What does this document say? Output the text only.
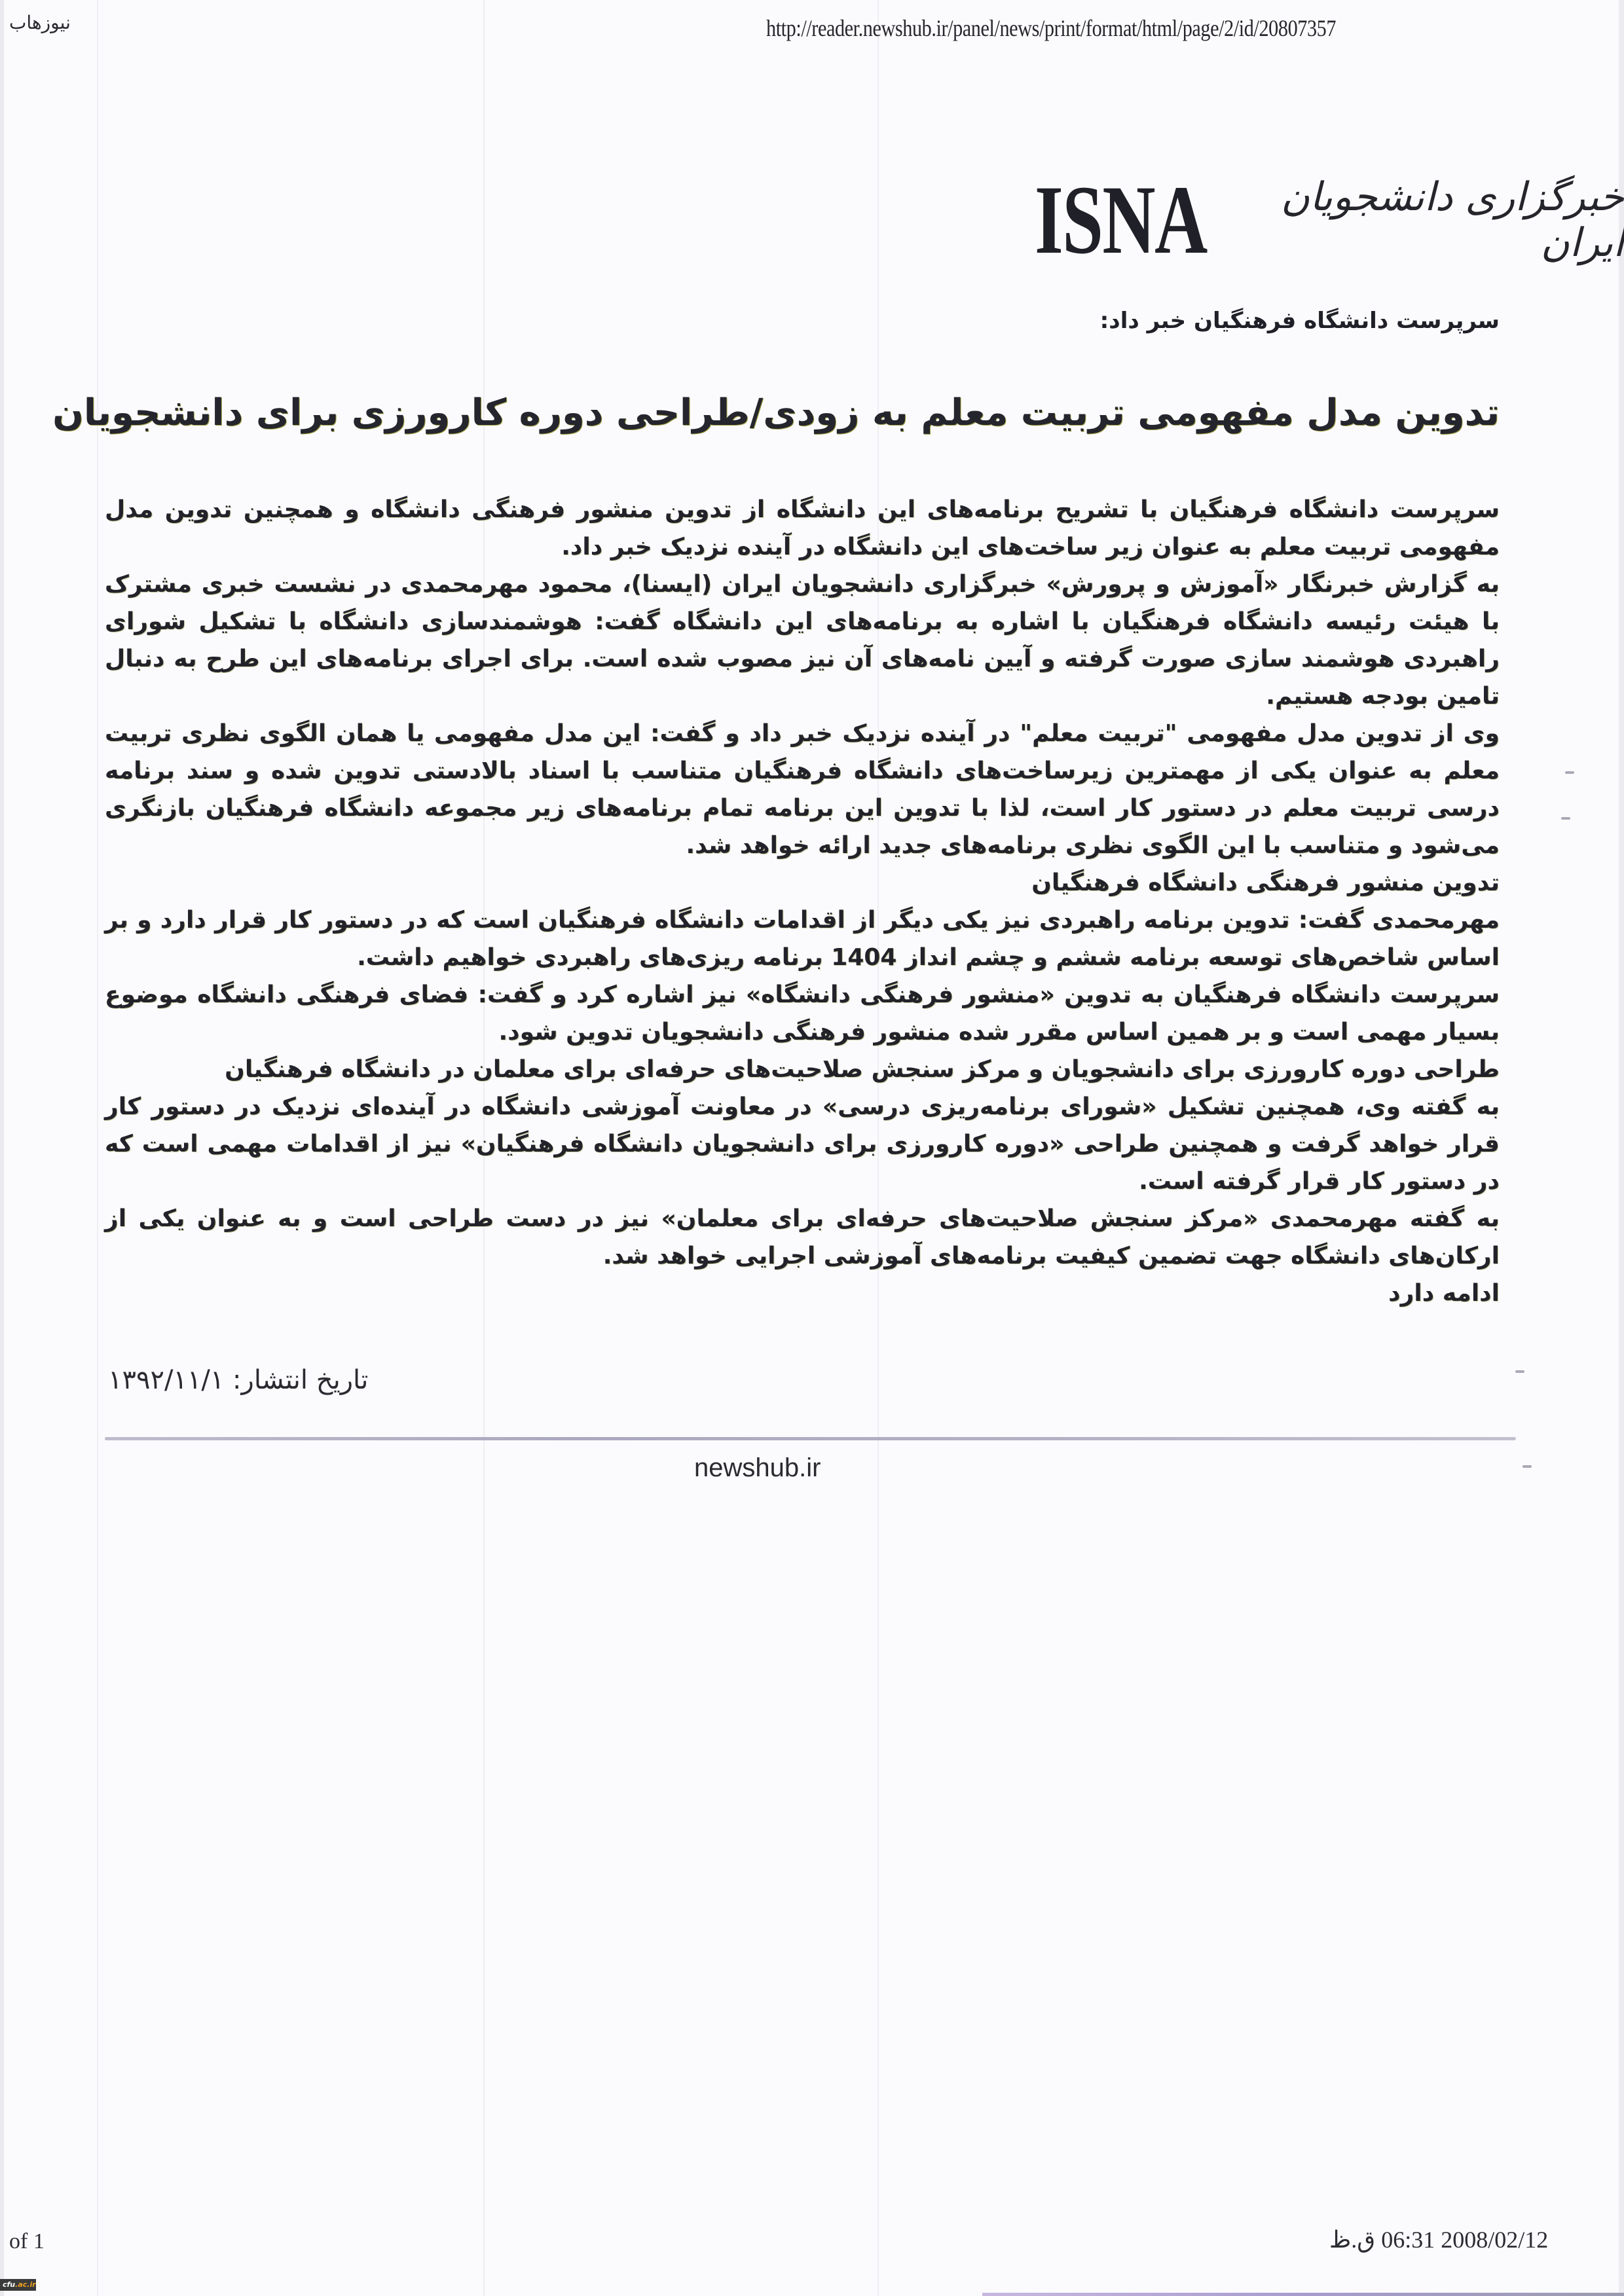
نیوزهاب	http://reader.newshub.ir/panel/news/print/format/html/page/2/id/20807357
ISNA	خبرگزاری دانشجویان ایران
سرپرست دانشگاه فرهنگیان خبر داد:
تدوین مدل مفهومی تربیت معلم به زودی/طراحی دوره کارورزی برای دانشجویان

سرپرست دانشگاه فرهنگیان با تشریح برنامه‌های این دانشگاه از تدوین منشور فرهنگی دانشگاه و همچنین تدوین مدل مفهومی تربیت معلم به عنوان زیر ساخت‌های این دانشگاه در آینده نزدیک خبر داد.

به گزارش خبرنگار «آموزش و پرورش» خبرگزاری دانشجویان ایران (ایسنا)، محمود مهرمحمدی در نشست خبری مشترک با هیئت رئیسه دانشگاه فرهنگیان با اشاره به برنامه‌های این دانشگاه گفت: هوشمندسازی دانشگاه با تشکیل شورای راهبردی هوشمند سازی صورت گرفته و آیین نامه‌های آن نیز مصوب شده است. برای اجرای برنامه‌های این طرح به دنبال تامین بودجه هستیم.

وی از تدوین مدل مفهومی "تربیت معلم" در آینده نزدیک خبر داد و گفت: این مدل مفهومی یا همان الگوی نظری تربیت معلم به عنوان یکی از مهمترین زیرساخت‌های دانشگاه فرهنگیان متناسب با اسناد بالادستی تدوین شده و سند برنامه درسی تربیت معلم در دستور کار است، لذا با تدوین این برنامه تمام برنامه‌های زیر مجموعه دانشگاه فرهنگیان بازنگری می‌شود و متناسب با این الگوی نظری برنامه‌های جدید ارائه خواهد شد.

تدوین منشور فرهنگی دانشگاه فرهنگیان

مهرمحمدی گفت: تدوین برنامه راهبردی نیز یکی دیگر از اقدامات دانشگاه فرهنگیان است که در دستور کار قرار دارد و بر اساس شاخص‌های توسعه برنامه ششم و چشم انداز 1404 برنامه ریزی‌های راهبردی خواهیم داشت.

سرپرست دانشگاه فرهنگیان به تدوین «منشور فرهنگی دانشگاه» نیز اشاره کرد و گفت: فضای فرهنگی دانشگاه موضوع بسیار مهمی است و بر همین اساس مقرر شده منشور فرهنگی دانشجویان تدوین شود.

طراحی دوره کارورزی برای دانشجویان و مرکز سنجش صلاحیت‌های حرفه‌ای برای معلمان در دانشگاه فرهنگیان

به گفته وی، همچنین تشکیل «شورای برنامه‌ریزی درسی» در معاونت آموزشی دانشگاه در آینده‌ای نزدیک در دستور کار قرار خواهد گرفت و همچنین طراحی «دوره کارورزی برای دانشجویان دانشگاه فرهنگیان» نیز از اقدامات مهمی است که در دستور کار قرار گرفته است.

به گفته مهرمحمدی «مرکز سنجش صلاحیت‌های حرفه‌ای برای معلمان» نیز در دست طراحی است و به عنوان یکی از ارکان‌های دانشگاه جهت تضمین کیفیت برنامه‌های آموزشی اجرایی خواهد شد.

ادامه دارد

تاریخ انتشار: ۱۳۹۲/۱۱/۱
newshub.ir
of 1	2008/02/12 06:31 ق.ظ
cfu.ac.ir
